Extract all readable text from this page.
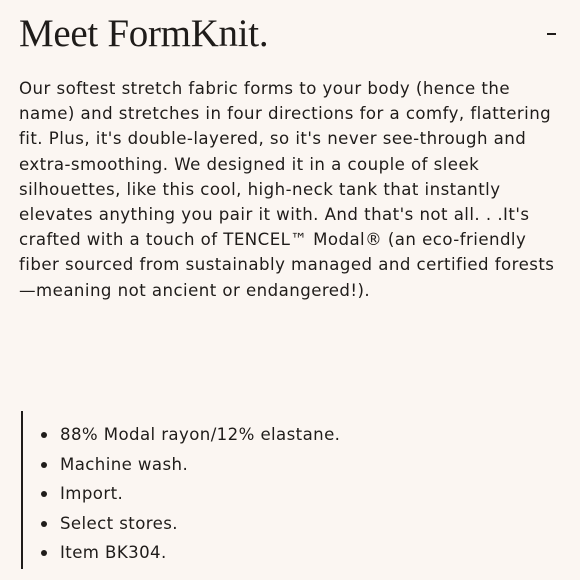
Meet FormKnit.

Our softest stretch fabric forms to your body (hence the name) and stretches in four directions for a comfy, flattering fit. Plus, it's double-layered, so it's never see-through and extra-smoothing. We designed it in a couple of sleek silhouettes, like this cool, high-neck tank that instantly elevates anything you pair it with. And that's not all. . .It's crafted with a touch of TENCEL™ Modal® (an eco-friendly fiber sourced from sustainably managed and certified forests—meaning not ancient or endangered!).

88% Modal rayon/12% elastane.
Machine wash.
Import.
Select stores.
Item BK304.
